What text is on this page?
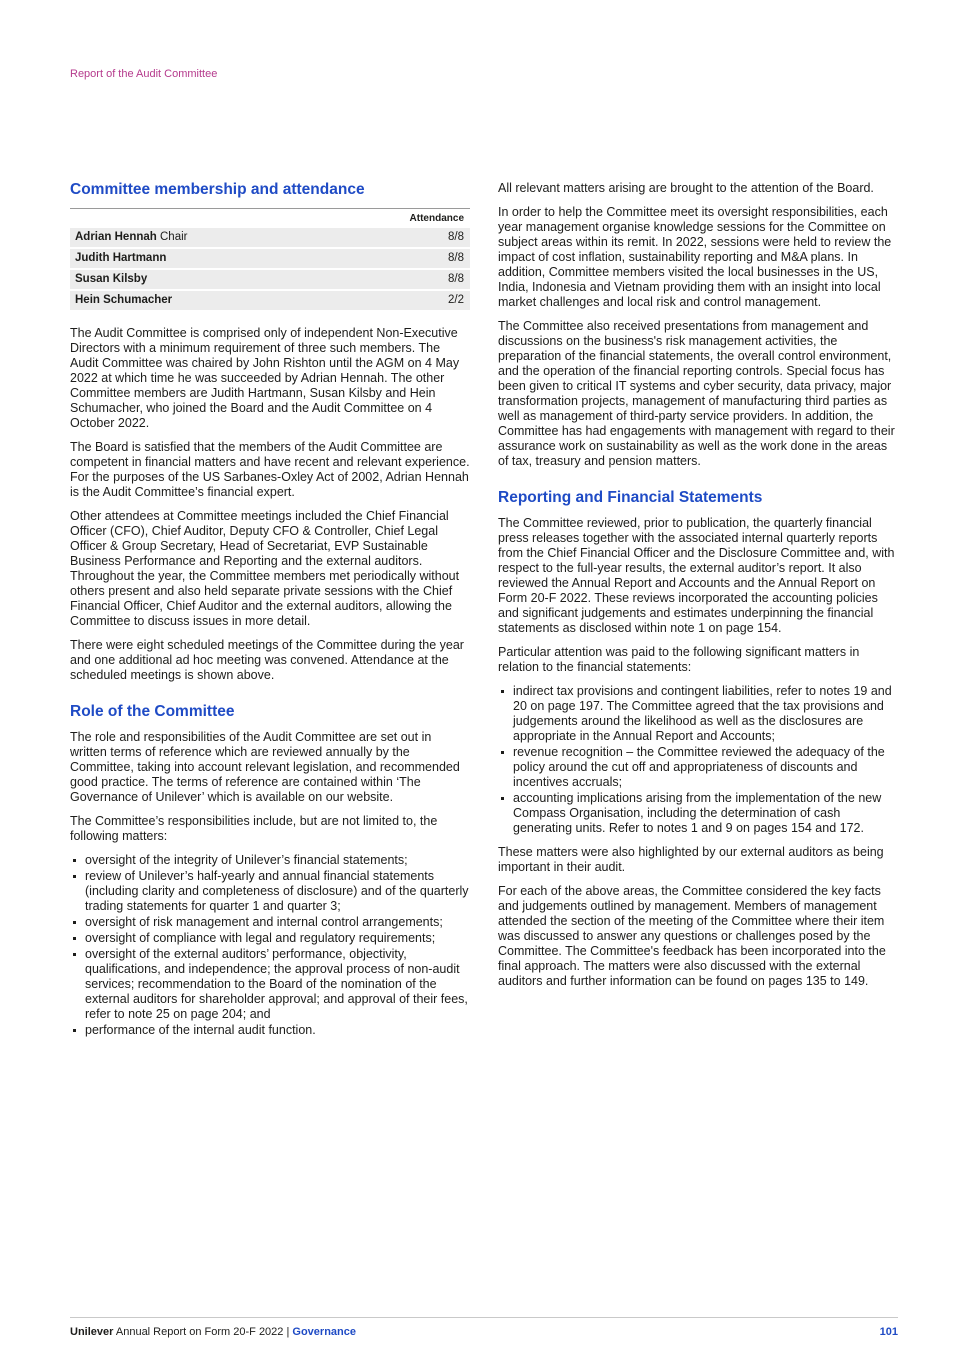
Report of the Audit Committee
Committee membership and attendance
Attendance
Adrian Hennah Chair	8/8
Judith Hartmann	8/8
Susan Kilsby	8/8
Hein Schumacher	2/2

The Audit Committee is comprised only of independent Non-Executive Directors with a minimum requirement of three such members. The Audit Committee was chaired by John Rishton until the AGM on 4 May 2022 at which time he was succeeded by Adrian Hennah. The other Committee members are Judith Hartmann, Susan Kilsby and Hein Schumacher, who joined the Board and the Audit Committee on 4 October 2022.

The Board is satisfied that the members of the Audit Committee are competent in financial matters and have recent and relevant experience. For the purposes of the US Sarbanes-Oxley Act of 2002, Adrian Hennah is the Audit Committee’s financial expert.

Other attendees at Committee meetings included the Chief Financial Officer (CFO), Chief Auditor, Deputy CFO & Controller, Chief Legal Officer & Group Secretary, Head of Secretariat, EVP Sustainable Business Performance and Reporting and the external auditors. Throughout the year, the Committee members met periodically without others present and also held separate private sessions with the Chief Financial Officer, Chief Auditor and the external auditors, allowing the Committee to discuss issues in more detail.

There were eight scheduled meetings of the Committee during the year and one additional ad hoc meeting was convened. Attendance at the scheduled meetings is shown above.

Role of the Committee

The role and responsibilities of the Audit Committee are set out in written terms of reference which are reviewed annually by the Committee, taking into account relevant legislation, and recommended good practice. The terms of reference are contained within ‘The Governance of Unilever’ which is available on our website.

The Committee’s responsibilities include, but are not limited to, the following matters:

oversight of the integrity of Unilever’s financial statements;
review of Unilever’s half-yearly and annual financial statements (including clarity and completeness of disclosure) and of the quarterly trading statements for quarter 1 and quarter 3;
oversight of risk management and internal control arrangements;
oversight of compliance with legal and regulatory requirements;
oversight of the external auditors’ performance, objectivity, qualifications, and independence; the approval process of non-audit services; recommendation to the Board of the nomination of the external auditors for shareholder approval; and approval of their fees, refer to note 25 on page 204; and
performance of the internal audit function.

All relevant matters arising are brought to the attention of the Board.

In order to help the Committee meet its oversight responsibilities, each year management organise knowledge sessions for the Committee on subject areas within its remit. In 2022, sessions were held to review the impact of cost inflation, sustainability reporting and M&A plans. In addition, Committee members visited the local businesses in the US, India, Indonesia and Vietnam providing them with an insight into local market challenges and local risk and control management.

The Committee also received presentations from management and discussions on the business's risk management activities, the preparation of the financial statements, the overall control environment, and the operation of the financial reporting controls. Special focus has been given to critical IT systems and cyber security, data privacy, major transformation projects, management of manufacturing third parties as well as management of third-party service providers. In addition, the Committee has had engagements with management with regard to their assurance work on sustainability as well as the work done in the areas of tax, treasury and pension matters.

Reporting and Financial Statements

The Committee reviewed, prior to publication, the quarterly financial press releases together with the associated internal quarterly reports from the Chief Financial Officer and the Disclosure Committee and, with respect to the full-year results, the external auditor’s report. It also reviewed the Annual Report and Accounts and the Annual Report on Form 20-F 2022. These reviews incorporated the accounting policies and significant judgements and estimates underpinning the financial statements as disclosed within note 1 on page 154.

Particular attention was paid to the following significant matters in relation to the financial statements:

indirect tax provisions and contingent liabilities, refer to notes 19 and 20 on page 197. The Committee agreed that the tax provisions and judgements around the likelihood as well as the disclosures are appropriate in the Annual Report and Accounts;
revenue recognition – the Committee reviewed the adequacy of the policy around the cut off and appropriateness of discounts and incentives accruals;
accounting implications arising from the implementation of the new Compass Organisation, including the determination of cash generating units. Refer to notes 1 and 9 on pages 154 and 172.

These matters were also highlighted by our external auditors as being important in their audit.

For each of the above areas, the Committee considered the key facts and judgements outlined by management. Members of management attended the section of the meeting of the Committee where their item was discussed to answer any questions or challenges posed by the Committee. The Committee's feedback has been incorporated into the final approach. The matters were also discussed with the external auditors and further information can be found on pages 135 to 149.

Unilever Annual Report on Form 20-F 2022 | Governance	101
